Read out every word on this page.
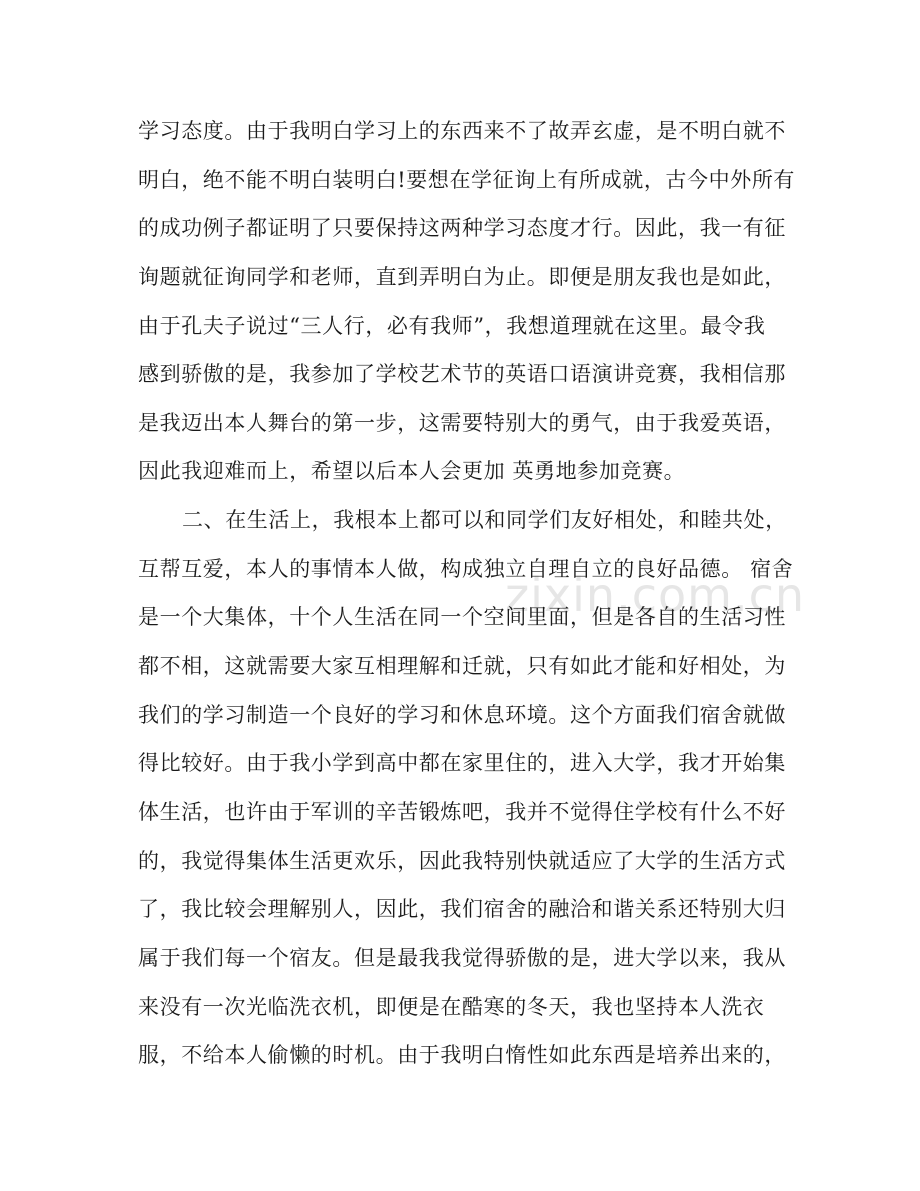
zixin.com.cn
学习态度。由于我明白学习上的东西来不了故弄玄虚，是不明白就不
明白，绝不能不明白装明白!要想在学征询上有所成就，古今中外所有
的成功例子都证明了只要保持这两种学习态度才行。因此，我一有征
询题就征询同学和老师，直到弄明白为止。即便是朋友我也是如此，
由于孔夫子说过“三人行，必有我师”，我想道理就在这里。最令我
感到骄傲的是，我参加了学校艺术节的英语口语演讲竞赛，我相信那
是我迈出本人舞台的第一步，这需要特别大的勇气，由于我爱英语，
因此我迎难而上，希望以后本人会更加 英勇地参加竞赛。
二、在生活上，我根本上都可以和同学们友好相处，和睦共处，
互帮互爱，本人的事情本人做，构成独立自理自立的良好品德。 宿舍
是一个大集体，十个人生活在同一个空间里面，但是各自的生活习性
都不相，这就需要大家互相理解和迁就，只有如此才能和好相处，为
我们的学习制造一个良好的学习和休息环境。这个方面我们宿舍就做
得比较好。由于我小学到高中都在家里住的，进入大学，我才开始集
体生活，也许由于军训的辛苦锻炼吧，我并不觉得住学校有什么不好
的，我觉得集体生活更欢乐，因此我特别快就适应了大学的生活方式
了，我比较会理解别人，因此，我们宿舍的融洽和谐关系还特别大归
属于我们每一个宿友。但是最我我觉得骄傲的是，进大学以来，我从
来没有一次光临洗衣机，即便是在酷寒的冬天，我也坚持本人洗衣
服，不给本人偷懒的时机。由于我明白惰性如此东西是培养出来的，
